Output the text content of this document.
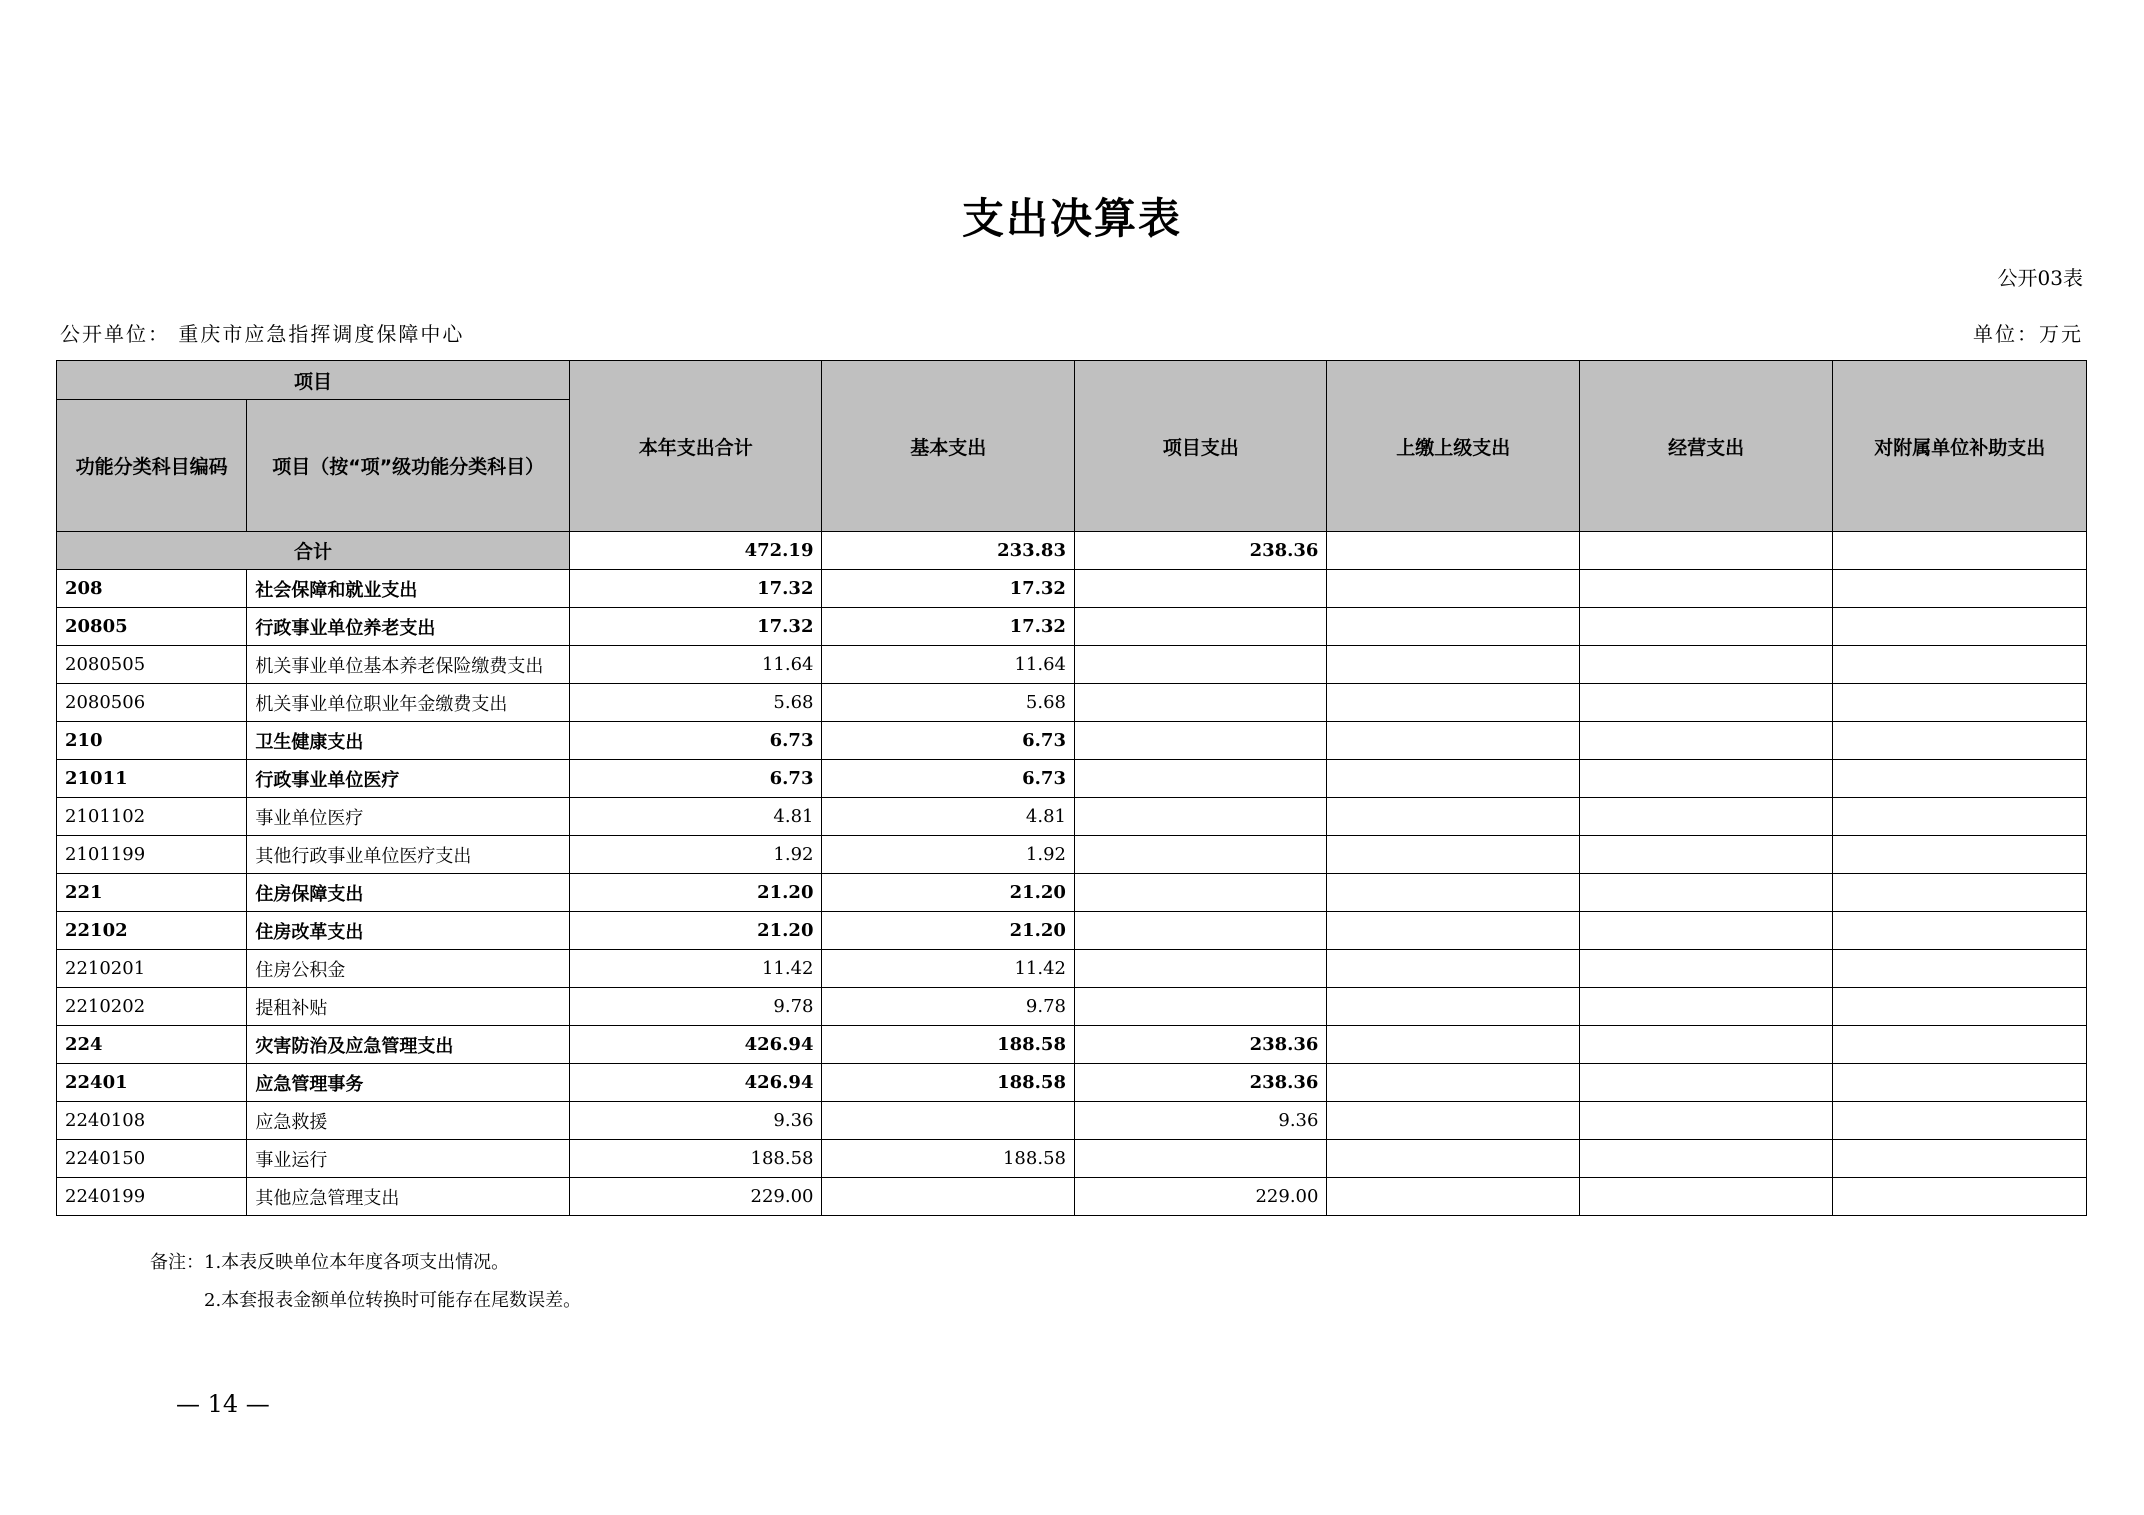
支出决算表
公开03表
公开单位： 重庆市应急指挥调度保障中心	单位：万元
项目		本年支出合计	基本支出	项目支出	上缴上级支出	经营支出	对附属单位补助支出
功能分类科目编码	项目（按“项”级功能分类科目）						
合计		472.19	233.83	238.36			
208	社会保障和就业支出	17.32	17.32				
20805	行政事业单位养老支出	17.32	17.32				
2080505	机关事业单位基本养老保险缴费支出	11.64	11.64				
2080506	机关事业单位职业年金缴费支出	5.68	5.68				
210	卫生健康支出	6.73	6.73				
21011	行政事业单位医疗	6.73	6.73				
2101102	事业单位医疗	4.81	4.81				
2101199	其他行政事业单位医疗支出	1.92	1.92				
221	住房保障支出	21.20	21.20				
22102	住房改革支出	21.20	21.20				
2210201	住房公积金	11.42	11.42				
2210202	提租补贴	9.78	9.78				
224	灾害防治及应急管理支出	426.94	188.58	238.36			
22401	应急管理事务	426.94	188.58	238.36			
2240108	应急救援	9.36		9.36			
2240150	事业运行	188.58	188.58				
2240199	其他应急管理支出	229.00		229.00			
备注：1.本表反映单位本年度各项支出情况。
2.本套报表金额单位转换时可能存在尾数误差。
— 14 —
